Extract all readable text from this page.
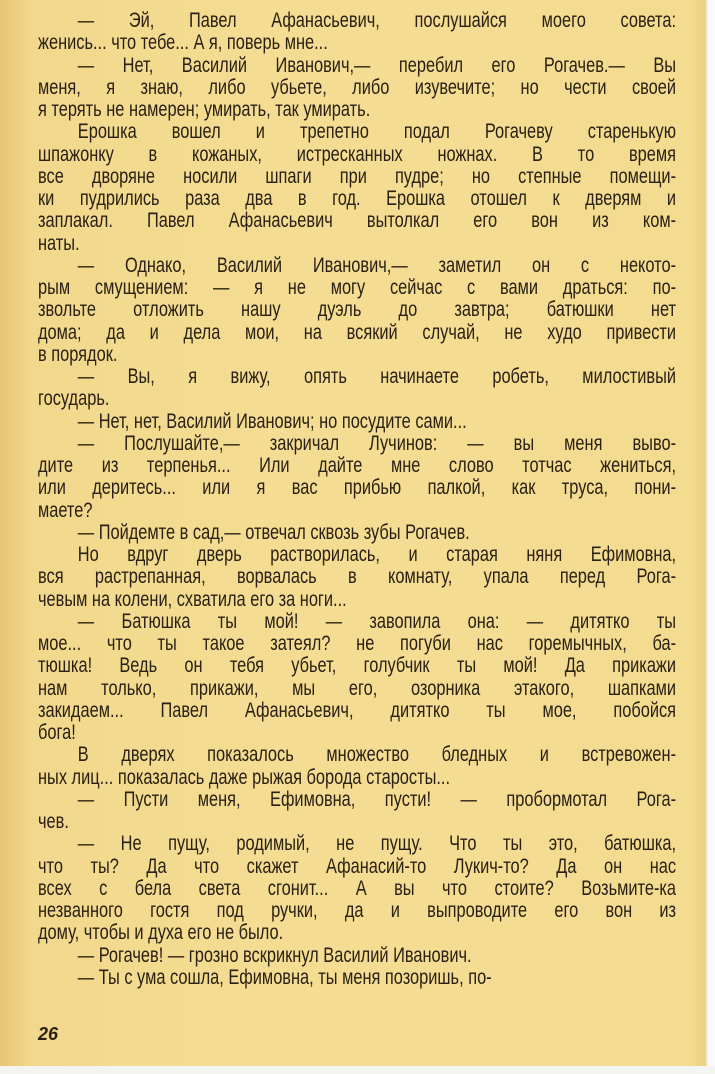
— Эй, Павел Афанасьевич, послушайся моего совета:
женись... что тебе... А я, поверь мне...
— Нет, Василий Иванович,— перебил его Рогачев.— Вы
меня, я знаю, либо убьете, либо изувечите; но чести своей
я терять не намерен; умирать, так умирать.
Ерошка вошел и трепетно подал Рогачеву старенькую
шпажонку в кожаных, истресканных ножнах. В то время
все дворяне носили шпаги при пудре; но степные помещи-
ки пудрились раза два в год. Ерошка отошел к дверям и
заплакал. Павел Афанасьевич вытолкал его вон из ком-
наты.
— Однако, Василий Иванович,— заметил он с некото-
рым смущением: — я не могу сейчас с вами драться: по-
звольте отложить нашу дуэль до завтра; батюшки нет
дома; да и дела мои, на всякий случай, не худо привести
в порядок.
— Вы, я вижу, опять начинаете робеть, милостивый
государь.
— Нет, нет, Василий Иванович; но посудите сами...
— Послушайте,— закричал Лучинов: — вы меня выво-
дите из терпенья... Или дайте мне слово тотчас жениться,
или деритесь... или я вас прибью палкой, как труса, пони-
маете?
— Пойдемте в сад,— отвечал сквозь зубы Рогачев.
Но вдруг дверь растворилась, и старая няня Ефимовна,
вся растрепанная, ворвалась в комнату, упала перед Рога-
чевым на колени, схватила его за ноги...
— Батюшка ты мой! — завопила она: — дитятко ты
мое... что ты такое затеял? не погуби нас горемычных, ба-
тюшка! Ведь он тебя убьет, голубчик ты мой! Да прикажи
нам только, прикажи, мы его, озорника этакого, шапками
закидаем... Павел Афанасьевич, дитятко ты мое, побойся
бога!
В дверях показалось множество бледных и встревожен-
ных лиц... показалась даже рыжая борода старосты...
— Пусти меня, Ефимовна, пусти! — пробормотал Рога-
чев.
— Не пущу, родимый, не пущу. Что ты это, батюшка,
что ты? Да что скажет Афанасий-то Лукич-то? Да он нас
всех с бела света сгонит... А вы что стоите? Возьмите-ка
незванного гостя под ручки, да и выпроводите его вон из
дому, чтобы и духа его не было.
— Рогачев! — грозно вскрикнул Василий Иванович.
— Ты с ума сошла, Ефимовна, ты меня позоришь, по-
26
